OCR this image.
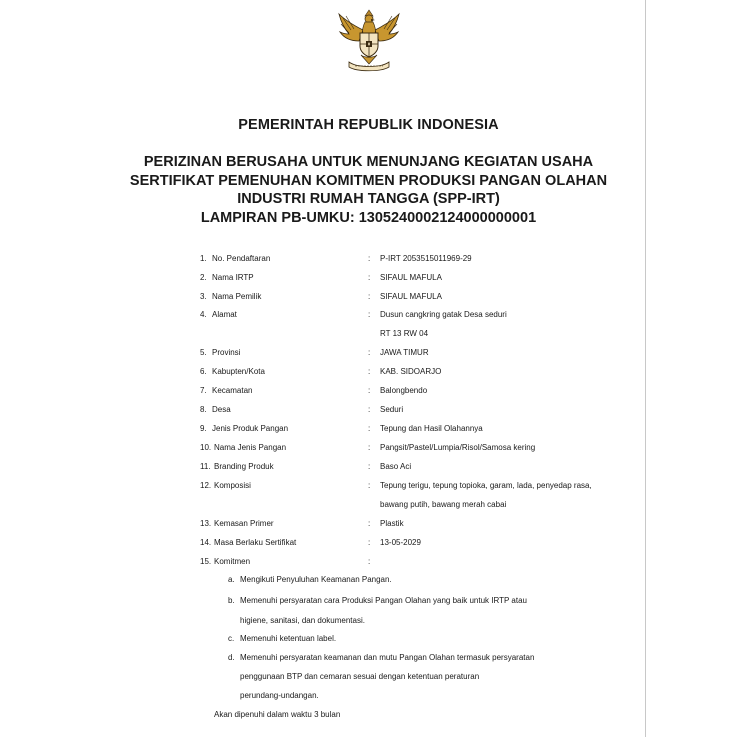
PEMERINTAH REPUBLIK INDONESIA
PERIZINAN BERUSAHA UNTUK MENUNJANG KEGIATAN USAHA
SERTIFIKAT PEMENUHAN KOMITMEN PRODUKSI PANGAN OLAHAN
INDUSTRI RUMAH TANGGA (SPP-IRT)
LAMPIRAN PB-UMKU: 1305240002124000000001
1. No. Pendaftaran	: P-IRT 2053515011969-29
2. Nama IRTP	: SIFAUL MAFULA
3. Nama Pemilik	: SIFAUL MAFULA
4. Alamat	: Dusun cangkring gatak Desa seduri
RT 13 RW 04
5. Provinsi	: JAWA TIMUR
6. Kabupten/Kota	: KAB. SIDOARJO
7. Kecamatan	: Balongbendo
8. Desa	: Seduri
9. Jenis Produk Pangan	: Tepung dan Hasil Olahannya
10. Nama Jenis Pangan	: Pangsit/Pastel/Lumpia/Risol/Samosa kering
11. Branding Produk	: Baso Aci
12. Komposisi	: Tepung terigu, tepung topioka, garam, lada, penyedap rasa,
bawang putih, bawang merah cabai
13. Kemasan Primer	: Plastik
14. Masa Berlaku Sertifikat	: 13-05-2029
15. Komitmen	:
a. Mengikuti Penyuluhan Keamanan Pangan.
b. Memenuhi persyaratan cara Produksi Pangan Olahan yang baik untuk IRTP atau
higiene, sanitasi, dan dokumentasi.
c. Memenuhi ketentuan label.
d. Memenuhi persyaratan keamanan dan mutu Pangan Olahan termasuk persyaratan
penggunaan BTP dan cemaran sesuai dengan ketentuan peraturan
perundang-undangan.
Akan dipenuhi dalam waktu 3 bulan
